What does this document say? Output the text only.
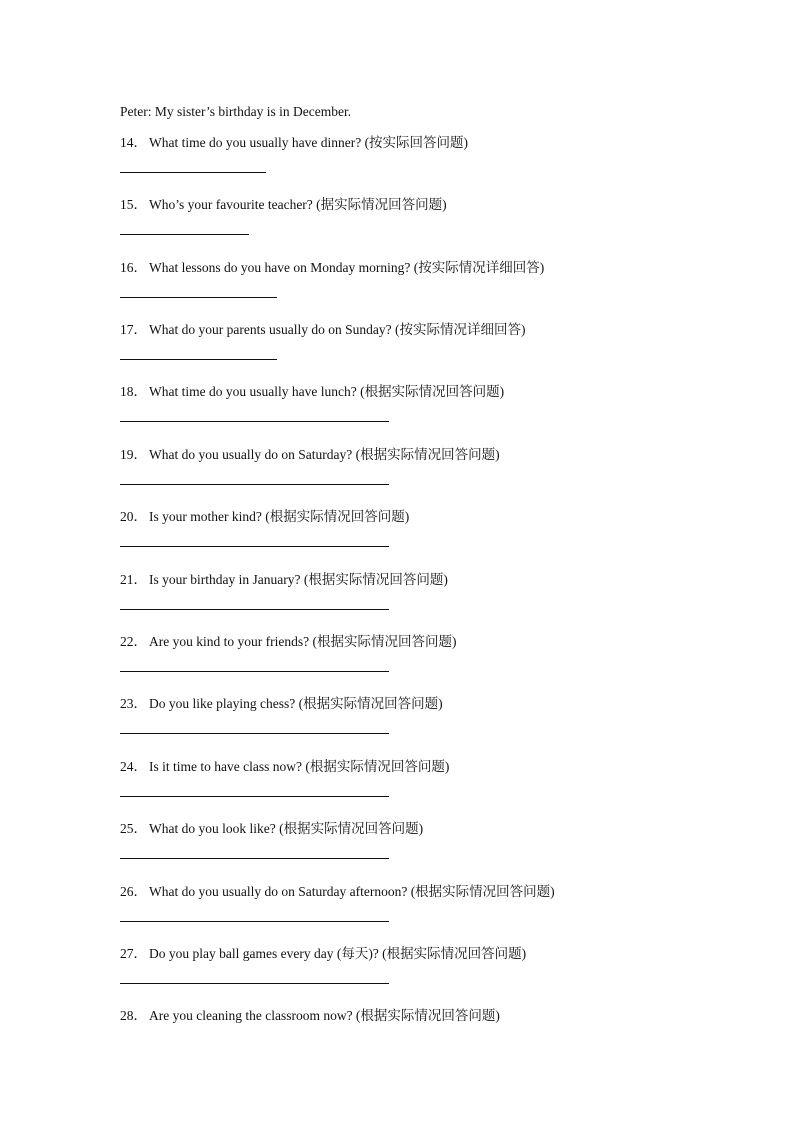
Peter: My sister’s birthday is in December.
14． What time do you usually have dinner? (按实际回答问题)
15． Who’s your favourite teacher? (据实际情况回答问题)
16． What lessons do you have on Monday morning? (按实际情况详细回答)
17． What do your parents usually do on Sunday? (按实际情况详细回答)
18． What time do you usually have lunch? (根据实际情况回答问题)
19． What do you usually do on Saturday? (根据实际情况回答问题)
20． Is your mother kind? (根据实际情况回答问题)
21． Is your birthday in January? (根据实际情况回答问题)
22． Are you kind to your friends? (根据实际情况回答问题)
23． Do you like playing chess? (根据实际情况回答问题)
24． Is it time to have class now? (根据实际情况回答问题)
25． What do you look like? (根据实际情况回答问题)
26． What do you usually do on Saturday afternoon? (根据实际情况回答问题)
27． Do you play ball games every day (每天)? (根据实际情况回答问题)
28． Are you cleaning the classroom now? (根据实际情况回答问题)
